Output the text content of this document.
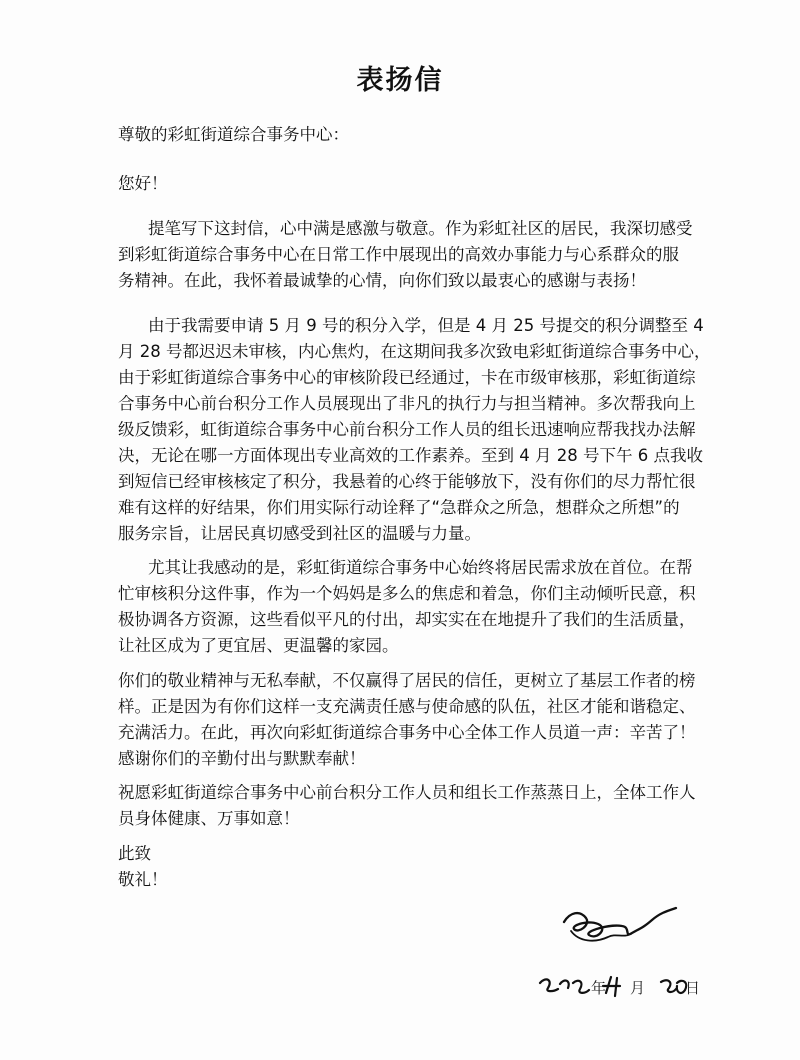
表扬信
尊敬的彩虹街道综合事务中心：
您好！
提笔写下这封信，心中满是感激与敬意。作为彩虹社区的居民，我深切感受
到彩虹街道综合事务中心在日常工作中展现出的高效办事能力与心系群众的服
务精神。在此，我怀着最诚挚的心情，向你们致以最衷心的感谢与表扬！
由于我需要申请 5 月 9 号的积分入学，但是 4 月 25 号提交的积分调整至 4
月 28 号都迟迟未审核，内心焦灼，在这期间我多次致电彩虹街道综合事务中心，
由于彩虹街道综合事务中心的审核阶段已经通过，卡在市级审核那，彩虹街道综
合事务中心前台积分工作人员展现出了非凡的执行力与担当精神。多次帮我向上
级反馈彩，虹街道综合事务中心前台积分工作人员的组长迅速响应帮我找办法解
决，无论在哪一方面体现出专业高效的工作素养。至到 4 月 28 号下午 6 点我收
到短信已经审核核定了积分，我悬着的心终于能够放下，没有你们的尽力帮忙很
难有这样的好结果，你们用实际行动诠释了“急群众之所急，想群众之所想”的
服务宗旨，让居民真切感受到社区的温暖与力量。
尤其让我感动的是，彩虹街道综合事务中心始终将居民需求放在首位。在帮
忙审核积分这件事，作为一个妈妈是多么的焦虑和着急，你们主动倾听民意，积
极协调各方资源，这些看似平凡的付出，却实实在在地提升了我们的生活质量，
让社区成为了更宜居、更温馨的家园。
你们的敬业精神与无私奉献，不仅赢得了居民的信任，更树立了基层工作者的榜
样。正是因为有你们这样一支充满责任感与使命感的队伍，社区才能和谐稳定、
充满活力。在此，再次向彩虹街道综合事务中心全体工作人员道一声：辛苦了！
感谢你们的辛勤付出与默默奉献！
祝愿彩虹街道综合事务中心前台积分工作人员和组长工作蒸蒸日上，全体工作人
员身体健康、万事如意！
此致
敬礼！
年 月	日
